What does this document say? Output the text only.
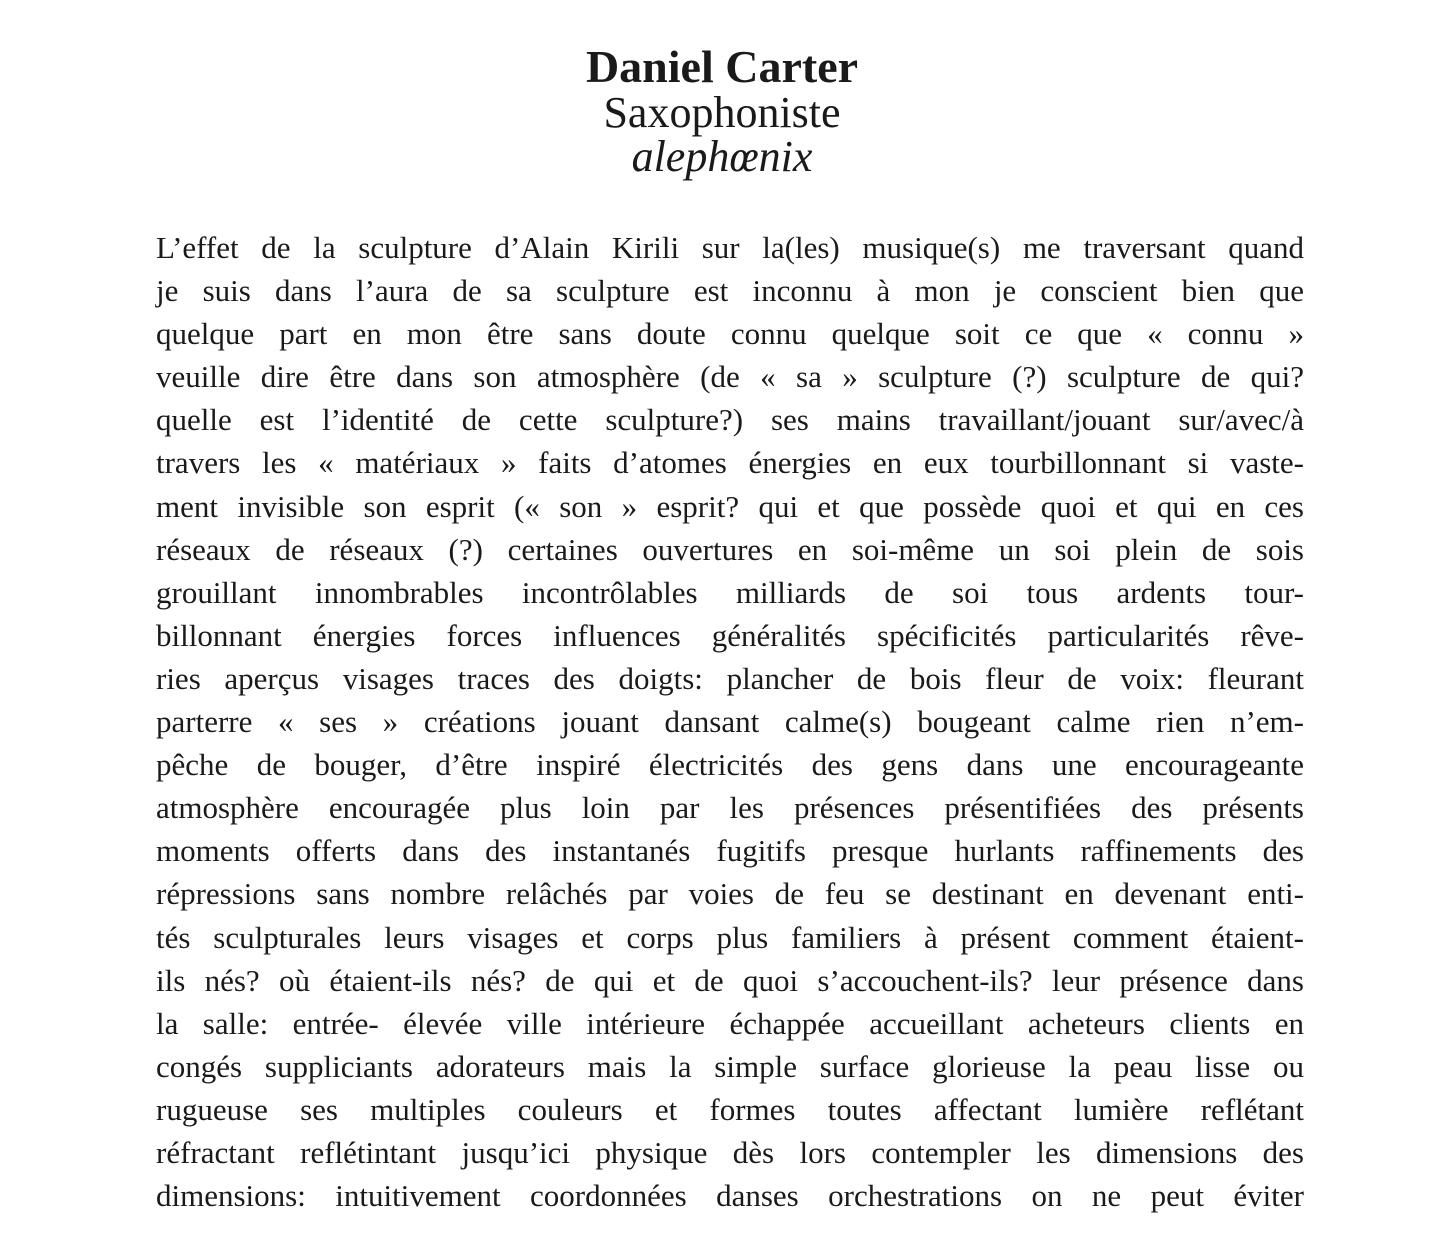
Daniel Carter
Saxophoniste
alephœnix
L’effet de la sculpture d’Alain Kirili sur la(les) musique(s) me traversant quand
je suis dans l’aura de sa sculpture est inconnu à mon je conscient bien que
quelque part en mon être sans doute connu quelque soit ce que « connu »
veuille dire être dans son atmosphère (de « sa » sculpture (?) sculpture de qui?
quelle est l’identité de cette sculpture?) ses mains travaillant/jouant sur/avec/à
travers les « matériaux » faits d’atomes énergies en eux tourbillonnant si vaste-
ment invisible son esprit (« son » esprit? qui et que possède quoi et qui en ces
réseaux de réseaux (?) certaines ouvertures en soi-même un soi plein de sois
grouillant innombrables incontrôlables milliards de soi tous ardents tour-
billonnant énergies forces influences généralités spécificités particularités rêve-
ries aperçus visages traces des doigts: plancher de bois fleur de voix: fleurant
parterre « ses » créations jouant dansant calme(s) bougeant calme rien n’em-
pêche de bouger, d’être inspiré électricités des gens dans une encourageante
atmosphère encouragée plus loin par les présences présentifiées des présents
moments offerts dans des instantanés fugitifs presque hurlants raffinements des
répressions sans nombre relâchés par voies de feu se destinant en devenant enti-
tés sculpturales leurs visages et corps plus familiers à présent comment étaient-
ils nés? où étaient-ils nés? de qui et de quoi s’accouchent-ils? leur présence dans
la salle: entrée- élevée ville intérieure échappée accueillant acheteurs clients en
congés suppliciants adorateurs mais la simple surface glorieuse la peau lisse ou
rugueuse ses multiples couleurs et formes toutes affectant lumière reflétant
réfractant reflétintant jusqu’ici physique dès lors contempler les dimensions des
dimensions: intuitivement coordonnées danses orchestrations on ne peut éviter
